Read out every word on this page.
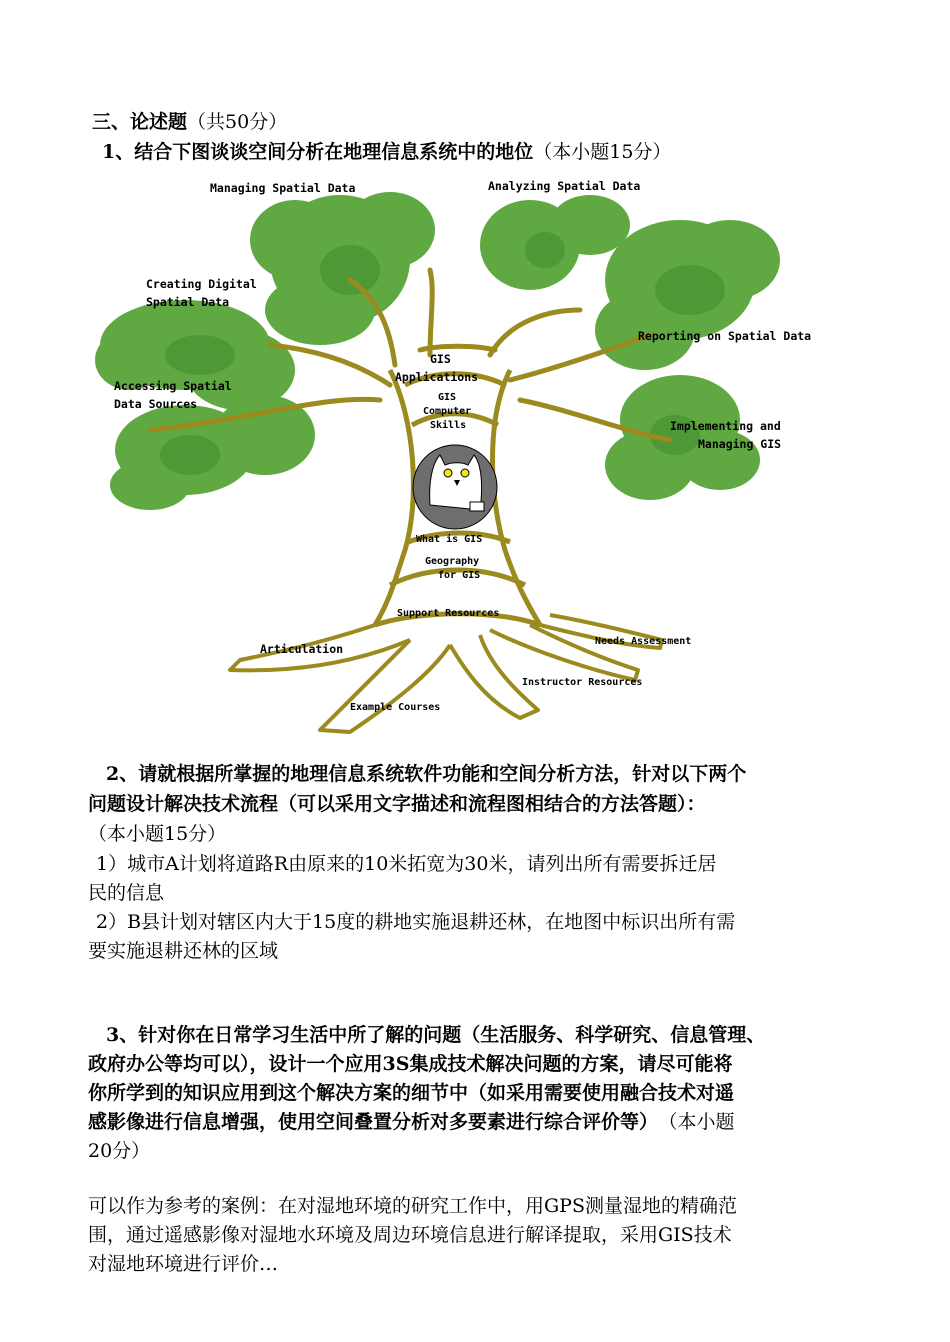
三、论述题（共50分）
1、结合下图谈谈空间分析在地理信息系统中的地位（本小题15分）
Managing Spatial Data	Analyzing Spatial Data
Creating Digital
Spatial Data
Reporting on Spatial Data
Accessing Spatial
Data Sources
Implementing and
Managing GIS
GIS
Applications
GIS
Computer
Skills
What is GIS
Geography
for GIS
Support Resources
Articulation
Needs Assessment
Instructor Resources
Example Courses
2、请就根据所掌握的地理信息系统软件功能和空间分析方法，针对以下两个
问题设计解决技术流程（可以采用文字描述和流程图相结合的方法答题）：
（本小题15分）
1）城市A计划将道路R由原来的10米拓宽为30米，请列出所有需要拆迁居
民的信息
2）B县计划对辖区内大于15度的耕地实施退耕还林，在地图中标识出所有需
要实施退耕还林的区域
3、针对你在日常学习生活中所了解的问题（生活服务、科学研究、信息管理、
政府办公等均可以），设计一个应用3S集成技术解决问题的方案，请尽可能将
你所学到的知识应用到这个解决方案的细节中（如采用需要使用融合技术对遥
感影像进行信息增强，使用空间叠置分析对多要素进行综合评价等） （本小题
20分）
可以作为参考的案例：在对湿地环境的研究工作中，用GPS测量湿地的精确范
围，通过遥感影像对湿地水环境及周边环境信息进行解译提取，采用GIS技术
对湿地环境进行评价…
